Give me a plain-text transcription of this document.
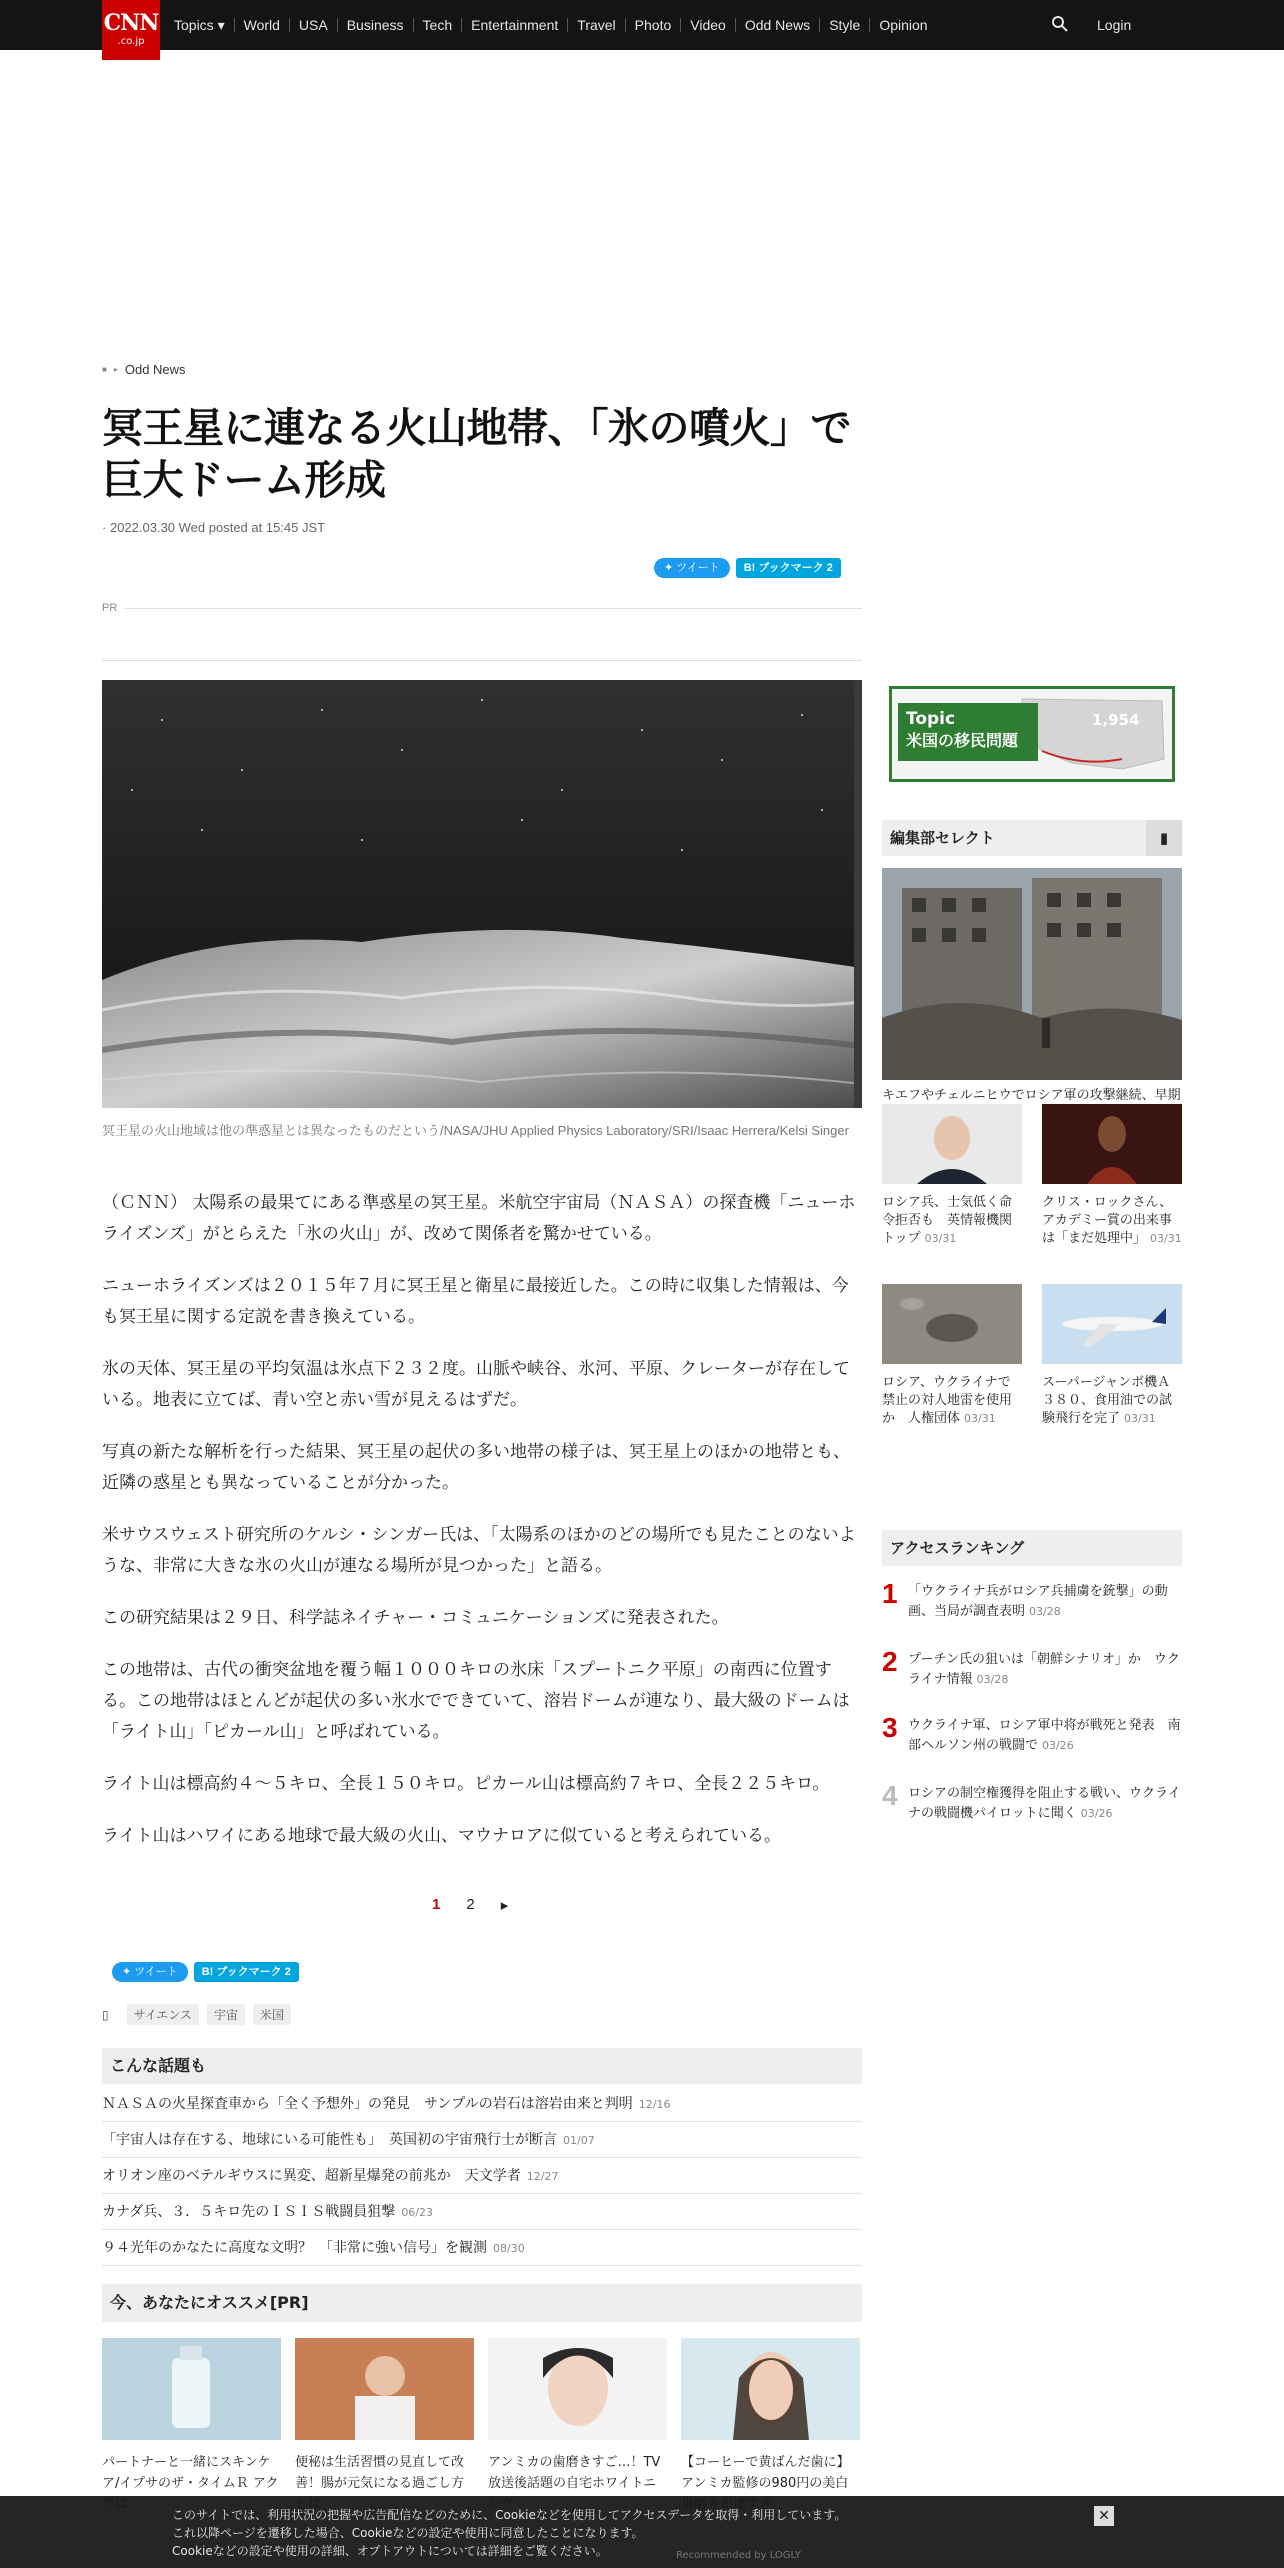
CNN
.co.jp
Topics ▾	World	USA	Business	Tech	Entertainment	Travel	Photo	Video	Odd News	Style	Opinion	Login
■ ▸ Odd News
冥王星に連なる火山地帯、「氷の噴火」で巨大ドーム形成
· 2022.03.30 Wed posted at 15:45 JST
✦ ツイート	B! ブックマーク 2
PR

冥王星の火山地域は他の準惑星とは異なったものだという/NASA/JHU Applied Physics Laboratory/SRI/Isaac Herrera/Kelsi Singer

（ＣＮＮ） 太陽系の最果てにある準惑星の冥王星。米航空宇宙局（ＮＡＳＡ）の探査機「ニューホライズンズ」がとらえた「氷の火山」が、改めて関係者を驚かせている。

ニューホライズンズは２０１５年７月に冥王星と衛星に最接近した。この時に収集した情報は、今も冥王星に関する定説を書き換えている。

氷の天体、冥王星の平均気温は氷点下２３２度。山脈や峡谷、氷河、平原、クレーターが存在している。地表に立てば、青い空と赤い雪が見えるはずだ。

写真の新たな解析を行った結果、冥王星の起伏の多い地帯の様子は、冥王星上のほかの地帯とも、近隣の惑星とも異なっていることが分かった。

米サウスウェスト研究所のケルシ・シンガー氏は、「太陽系のほかのどの場所でも見たことのないような、非常に大きな氷の火山が連なる場所が見つかった」と語る。

この研究結果は２９日、科学誌ネイチャー・コミュニケーションズに発表された。

この地帯は、古代の衝突盆地を覆う幅１０００キロの氷床「スプートニク平原」の南西に位置する。この地帯はほとんどが起伏の多い氷水でできていて、溶岩ドームが連なり、最大級のドームは「ライト山」「ピカール山」と呼ばれている。

ライト山は標高約４～５キロ、全長１５０キロ。ピカール山は標高約７キロ、全長２２５キロ。

ライト山はハワイにある地球で最大級の火山、マウナロアに似ていると考えられている。

1 2 ▸
✦ ツイート	B! ブックマーク 2
▯	サイエンス	宇宙	米国
こんな話題も
ＮＡＳＡの火星探査車から「全く予想外」の発見　サンプルの岩石は溶岩由来と判明 12/16
「宇宙人は存在する、地球にいる可能性も」　英国初の宇宙飛行士が断言 01/07
オリオン座のベテルギウスに異変、超新星爆発の前兆か　天文学者 12/27
カナダ兵、３．５キロ先のＩＳＩＳ戦闘員狙撃 06/23
９４光年のかなたに高度な文明？　「非常に強い信号」を観測 08/30
今、あなたにオススメ[PR]
パートナーと一緒にスキンケア/イプサのザ・タイムＲ アク
便秘は生活習慣の見直して改善！腸が元気になる過ごし方
アンミカの歯磨きすご…！TV放送後話題の自宅ホワイトニ
【コーヒーで黄ばんだ歯に】アンミカ監修の980円の美白
Topic
米国の移民問題
1,954
編集部セレクト	▮
キエフやチェルニヒウでロシア軍の攻撃継続、早期
ロシア兵、士気低く命令拒否も　英情報機関トップ 03/31
クリス・ロックさん、アカデミー賞の出来事は「まだ処理中」 03/31
ロシア、ウクライナで禁止の対人地雷を使用か　人権団体 03/31
スーパージャンボ機Ａ３８０、食用油での試験飛行を完了 03/31
アクセスランキング
1 「ウクライナ兵がロシア兵捕虜を銃撃」の動画、当局が調査表明 03/28
2 プーチン氏の狙いは「朝鮮シナリオ」か　ウクライナ情報 03/28
3 ウクライナ軍、ロシア軍中将が戦死と発表　南部ヘルソン州の戦闘で 03/26
4 ロシアの制空権獲得を阻止する戦い、ウクライナの戦闘機パイロットに聞く 03/26
このサイトでは、利用状況の把握や広告配信などのために、Cookieなどを使用してアクセスデータを取得・利用しています。
これ以降ページを遷移した場合、Cookieなどの設定や使用に同意したことになります。
Cookieなどの設定や使用の詳細、オプトアウトについては詳細をご覧ください。
✕
Recommended by LOGLY
